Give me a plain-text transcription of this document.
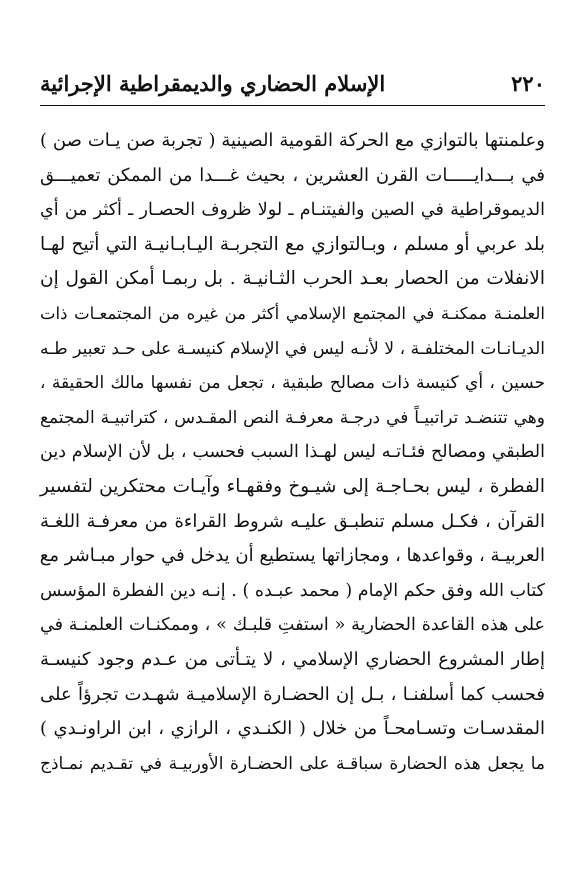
٢٢٠
الإسلام الحضاري والديمقراطية الإجرائية
وعلمنتها بالتوازي مع الحركة القومية الصينية ( تجربة صن يـات صن )
في بـــدايـــــات القرن العشرين ، بحيث غـــدا من الممكن تعميـــق
الديموقراطية في الصين والفيتنـام ـ لولا ظروف الحصـار ـ أكثر من أي
بلد عربي أو مسلم ، وبـالتوازي مع التجربـة اليـابـانيـة التي أتيح لهـا
الانفلات من الحصار بعـد الحرب الثـانيـة . بل ربمـا أمكن القول إن
العلمنـة ممكنـة في المجتمع الإسلامي أكثر من غيره من المجتمعـات ذات
الديـانـات المختلفـة ، لا لأنـه ليس في الإسلام كنيسـة على حـد تعبير طـه
حسين ، أي كنيسة ذات مصالح طبقية ، تجعل من نفسها مالك الحقيقة ،
وهي تتنضـد تراتبيـاً في درجـة معرفـة النص المقـدس ، كتراتبيـة المجتمع
الطبقي ومصالح فئـاتـه ليس لهـذا السبب فحسب ، بل لأن الإسلام دين
الفطرة ، ليس بحـاجـة إلى شيـوخ وفقهـاء وآيـات محتكرين لتفسير
القرآن ، فكـل مسلم تنطبـق عليـه شروط القراءة من معرفـة اللغـة
العربيـة ، وقواعدها ، ومجازاتها يستطيع أن يدخل في حوار مبـاشر مع
كتاب الله وفق حكم الإمام ( محمد عبـده ) . إنـه دين الفطرة المؤسس
على هذه القاعدة الحضارية « استفتِ قلبـك » ، وممكنـات العلمنـة في
إطار المشروع الحضاري الإسلامي ، لا يتـأتى من عـدم وجود كنيسـة
فحسب كما أسلفنـا ، بـل إن الحضـارة الإسلاميـة شهـدت تجرؤاً على
المقدسـات وتسـامحـاً من خلال ( الكنـدي ، الرازي ، ابن الراونـدي )
ما يجعل هذه الحضارة سباقـة على الحضـارة الأوربيـة في تقـديم نمـاذج
